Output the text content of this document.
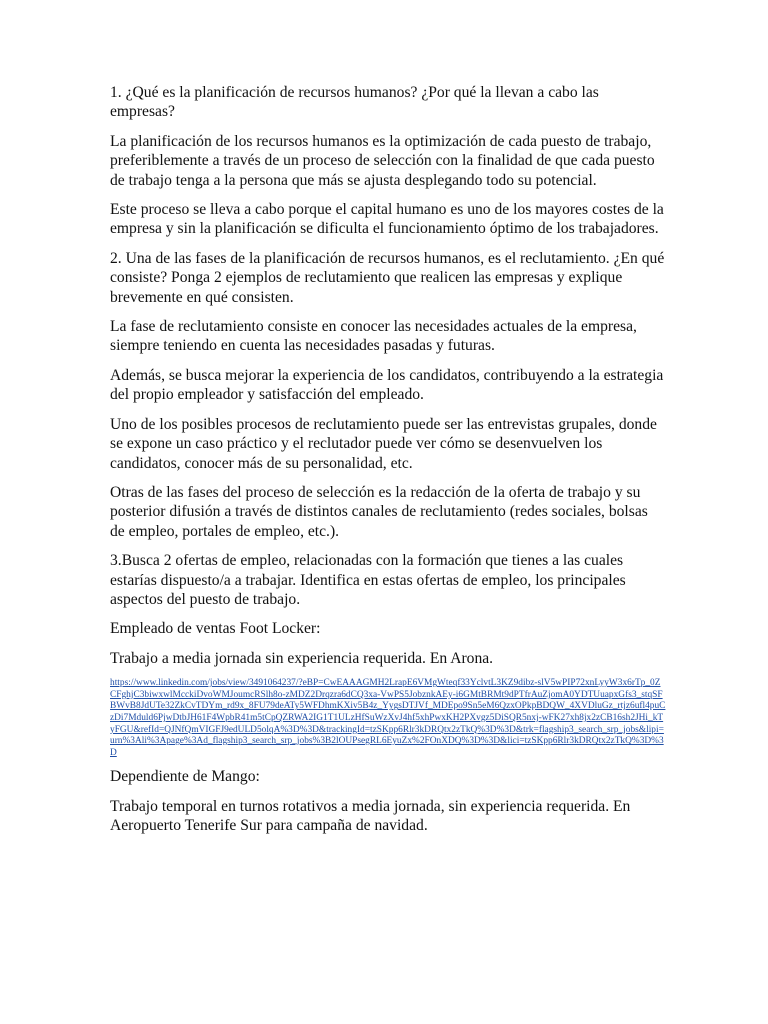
1. ¿Qué es la planificación de recursos humanos? ¿Por qué la llevan a cabo las empresas?

La planificación de los recursos humanos es la optimización de cada puesto de trabajo, preferiblemente a través de un proceso de selección con la finalidad de que cada puesto de trabajo tenga a la persona que más se ajusta desplegando todo su potencial.

Este proceso se lleva a cabo porque el capital humano es uno de los mayores costes de la empresa y sin la planificación se dificulta el funcionamiento óptimo de los trabajadores.

2. Una de las fases de la planificación de recursos humanos, es el reclutamiento. ¿En qué consiste? Ponga 2 ejemplos de reclutamiento que realicen las empresas y explique brevemente en qué consisten.

La fase de reclutamiento consiste en conocer las necesidades actuales de la empresa, siempre teniendo en cuenta las necesidades pasadas y futuras.

Además, se busca mejorar la experiencia de los candidatos, contribuyendo a la estrategia del propio empleador y satisfacción del empleado.

Uno de los posibles procesos de reclutamiento puede ser las entrevistas grupales, donde se expone un caso práctico y el reclutador puede ver cómo se desenvuelven los candidatos, conocer más de su personalidad, etc.

Otras de las fases del proceso de selección es la redacción de la oferta de trabajo y su posterior difusión a través de distintos canales de reclutamiento (redes sociales, bolsas de empleo, portales de empleo, etc.).

3.Busca 2 ofertas de empleo, relacionadas con la formación que tienes a las cuales estarías dispuesto/a a trabajar. Identifica en estas ofertas de empleo, los principales aspectos del puesto de trabajo.

Empleado de ventas Foot Locker:

Trabajo a media jornada sin experiencia requerida. En Arona.

https://www.linkedin.com/jobs/view/3491064237/?eBP=CwEAAAGMH2LrapE6VMgWteqf33YclvtL3KZ9dibz-slV5wPIP72xnLyyW3x6rTp_0ZCFghjC3biwxwlMcckiDvoWMJoumcRSlh8o-zMDZ2Drqzra6dCQ3xa-VwPS5JobznkAEy-i6GMtBRMt9dPTfrAuZjomA0YDTUuapxGfs3_stqSFBWvB8JdUTe32ZkCvTDYm_rd9x_8FU79deATy5WFDhmKXiv5B4z_YygsDTJVf_MDEpo9Sn5eM6QzxOPkpBDQW_4XVDluGz_rtjz6ufl4puCzDi7Mduld6PjwDtbJH61F4WpbR41m5tCpQZRWA2IG1T1ULzHfSuWzXvJ4hf5xhPwxKH2PXvgz5DiSQR5nxj-wFK27xh8jx2zCB16sh2JHi_kTyFGU&refId=QJNfQmVIGFJ9edULD5olqA%3D%3D&trackingId=tzSKpp6Rlr3kDRQtx2zTkQ%3D%3D&trk=flagship3_search_srp_jobs&lipi=urn%3Ali%3Apage%3Ad_flagship3_search_srp_jobs%3B2lOUPsegRL6EyuZx%2FOnXDQ%3D%3D&lici=tzSKpp6Rlr3kDRQtx2zTkQ%3D%3D

Dependiente de Mango:

Trabajo temporal en turnos rotativos a media jornada, sin experiencia requerida. En Aeropuerto Tenerife Sur para campaña de navidad.
